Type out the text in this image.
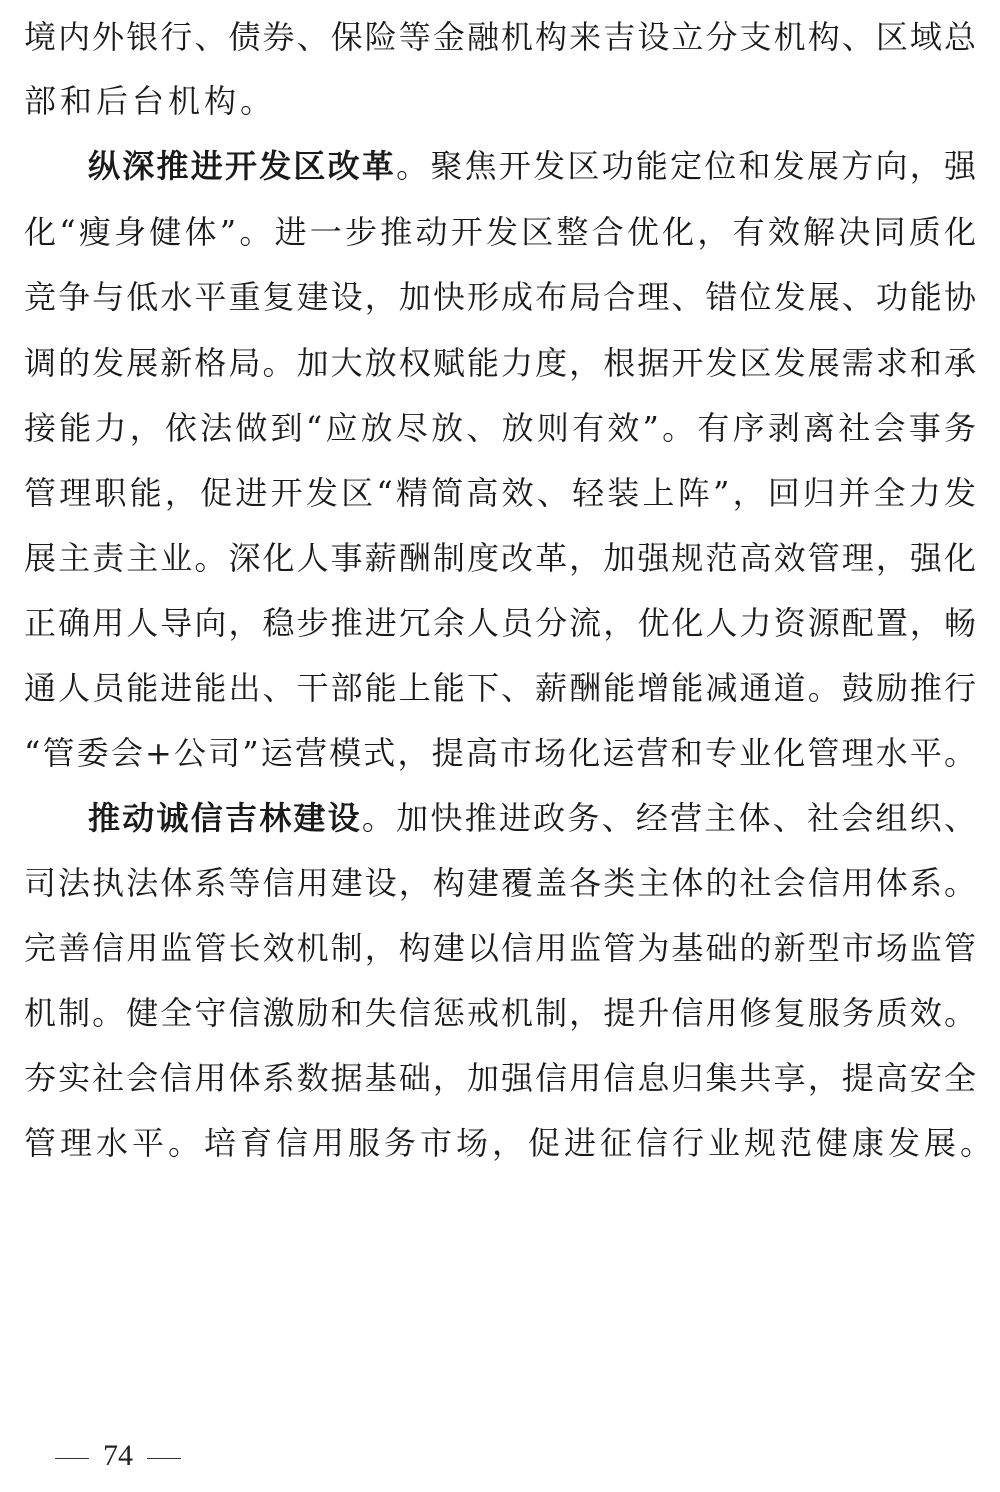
境内外银行、债券、保险等金融机构来吉设立分支机构、区域总
部和后台机构。
纵深推进开发区改革。聚焦开发区功能定位和发展方向，强
化“瘦身健体”。进一步推动开发区整合优化，有效解决同质化
竞争与低水平重复建设，加快形成布局合理、错位发展、功能协
调的发展新格局。加大放权赋能力度，根据开发区发展需求和承
接能力，依法做到“应放尽放、放则有效”。有序剥离社会事务
管理职能，促进开发区“精简高效、轻装上阵”，回归并全力发
展主责主业。深化人事薪酬制度改革，加强规范高效管理，强化
正确用人导向，稳步推进冗余人员分流，优化人力资源配置，畅
通人员能进能出、干部能上能下、薪酬能增能减通道。鼓励推行
“管委会+公司”运营模式，提高市场化运营和专业化管理水平。
推动诚信吉林建设。加快推进政务、经营主体、社会组织、
司法执法体系等信用建设，构建覆盖各类主体的社会信用体系。
完善信用监管长效机制，构建以信用监管为基础的新型市场监管
机制。健全守信激励和失信惩戒机制，提升信用修复服务质效。
夯实社会信用体系数据基础，加强信用信息归集共享，提高安全
管理水平。培育信用服务市场，促进征信行业规范健康发展。
74
